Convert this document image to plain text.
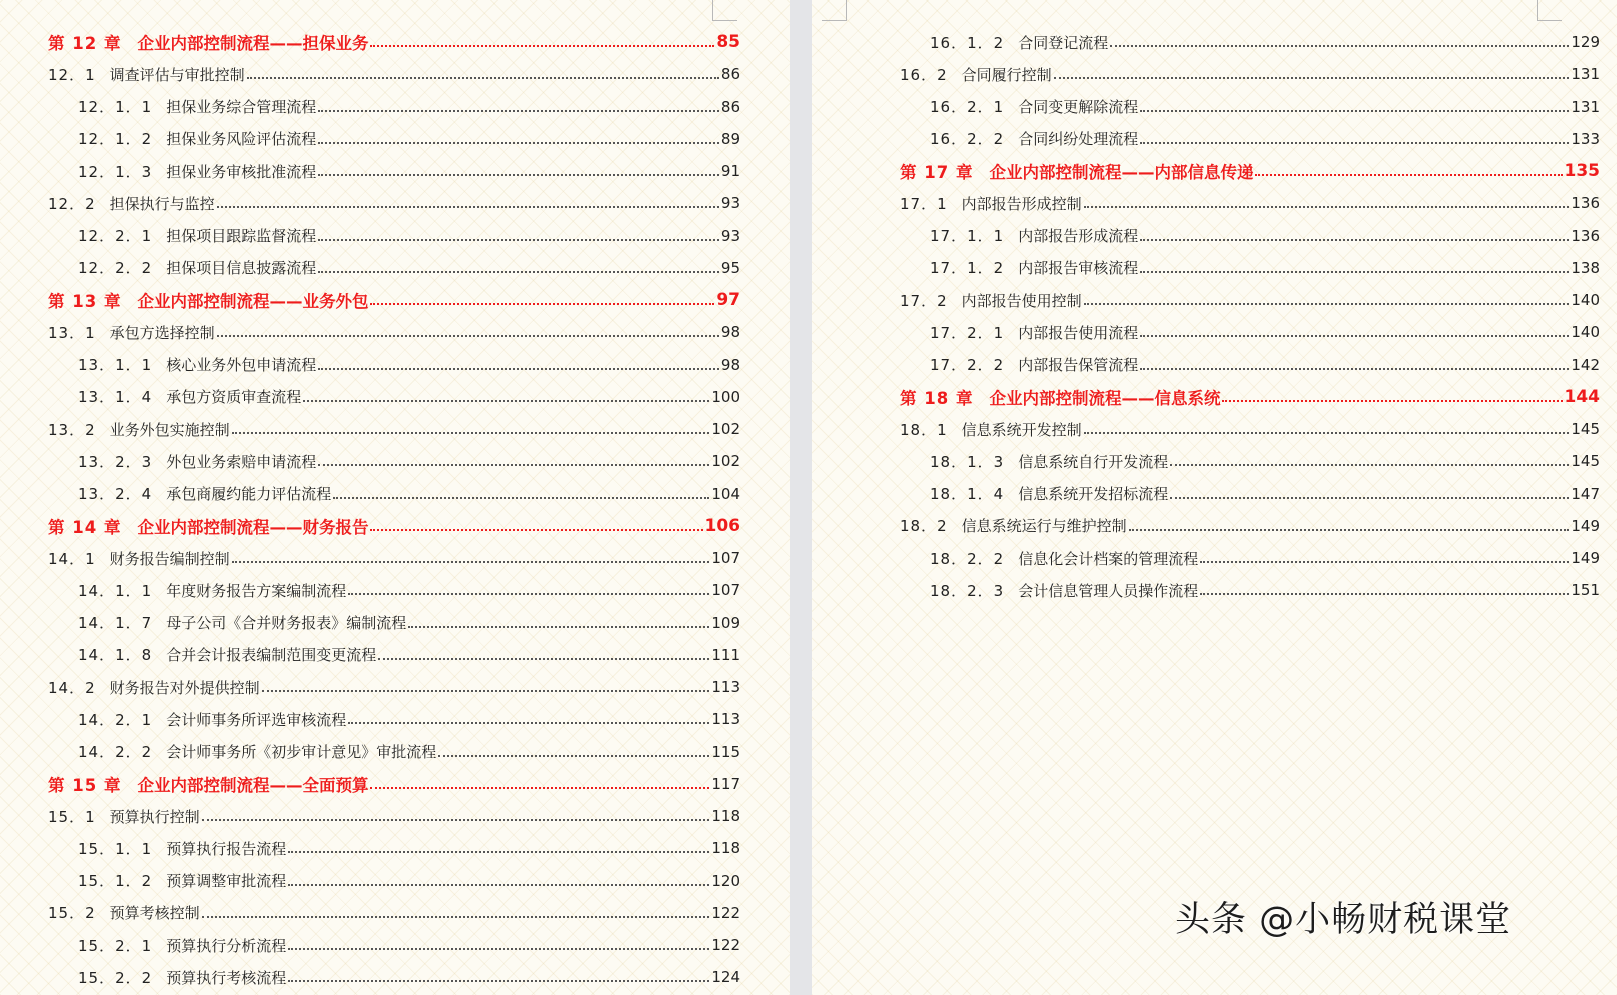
第 12 章 企业内部控制流程——担保业务	85
12．1 调查评估与审批控制	86
12．1．1 担保业务综合管理流程	86
12．1．2 担保业务风险评估流程	89
12．1．3 担保业务审核批准流程	91
12．2 担保执行与监控	93
12．2．1 担保项目跟踪监督流程	93
12．2．2 担保项目信息披露流程	95
第 13 章 企业内部控制流程——业务外包	97
13．1 承包方选择控制	98
13．1．1 核心业务外包申请流程	98
13．1．4 承包方资质审查流程	100
13．2 业务外包实施控制	102
13．2．3 外包业务索赔申请流程	102
13．2．4 承包商履约能力评估流程	104
第 14 章 企业内部控制流程——财务报告	106
14．1 财务报告编制控制	107
14．1．1 年度财务报告方案编制流程	107
14．1．7 母子公司《合并财务报表》编制流程	109
14．1．8 合并会计报表编制范围变更流程	111
14．2 财务报告对外提供控制	113
14．2．1 会计师事务所评选审核流程	113
14．2．2 会计师事务所《初步审计意见》审批流程	115
第 15 章 企业内部控制流程——全面预算	117
15．1 预算执行控制	118
15．1．1 预算执行报告流程	118
15．1．2 预算调整审批流程	120
15．2 预算考核控制	122
15．2．1 预算执行分析流程	122
15．2．2 预算执行考核流程	124
16．1．2 合同登记流程	129
16．2 合同履行控制	131
16．2．1 合同变更解除流程	131
16．2．2 合同纠纷处理流程	133
第 17 章 企业内部控制流程——内部信息传递	135
17．1 内部报告形成控制	136
17．1．1 内部报告形成流程	136
17．1．2 内部报告审核流程	138
17．2 内部报告使用控制	140
17．2．1 内部报告使用流程	140
17．2．2 内部报告保管流程	142
第 18 章 企业内部控制流程——信息系统	144
18．1 信息系统开发控制	145
18．1．3 信息系统自行开发流程	145
18．1．4 信息系统开发招标流程	147
18．2 信息系统运行与维护控制	149
18．2．2 信息化会计档案的管理流程	149
18．2．3 会计信息管理人员操作流程	151
头条 @小畅财税课堂
